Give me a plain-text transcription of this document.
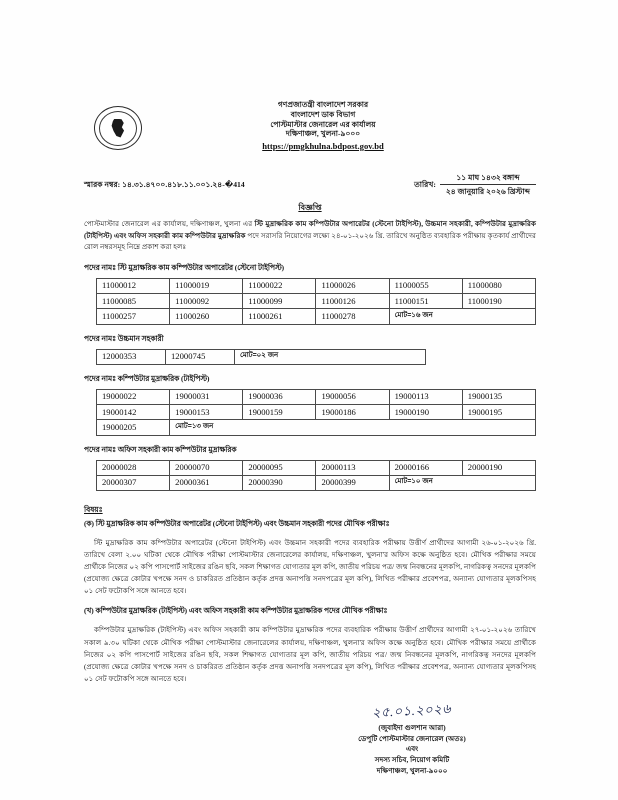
গণপ্রজাতন্ত্রী বাংলাদেশ সরকার
বাংলাদেশ ডাক বিভাগ
পোস্টমাস্টার জেনারেল এর কার্যালয়
দক্ষিণাঞ্চল, খুলনা-৯০০০
https://pmgkhulna.bdpost.gov.bd
স্মারক নম্বর: ১৪.৩১.৪৭০০.৪১৮.১১.০০১.২৪-�414	তারিখ:
১১ মাঘ ১৪৩২ বঙ্গাব্দ
২৪ জানুয়ারি ২০২৬ খ্রিস্টাব্দ
বিজ্ঞপ্তি

পোস্টমাস্টার জেনারেল এর কার্যালয়, দক্ষিণাঞ্চল, খুলনা এর স্টি মুদ্রাক্ষরিক কাম কম্পিউটার অপারেটর (স্টেনো টাইপিস্ট), উচ্চমান সহকারী, কম্পিউটার মুদ্রাক্ষরিক (টাইপিস্ট) এবং অফিস সহকারী কাম কম্পিউটার মুদ্রাক্ষরিক পদে সরাসরি নিয়োগের লক্ষ্যে ২৪-০১-২০২৬ খ্রি. তারিখে অনুষ্ঠিত ব্যবহারিক পরীক্ষায় কৃতকার্য প্রার্থীদের রোল নম্বরসমূহ নিম্নে প্রকাশ করা হলঃ

পদের নামঃ স্টি মুদ্রাক্ষরিক কাম কম্পিউটার অপারেটর (স্টেনো টাইপিস্ট)
11000012	11000019	11000022	11000026	11000055	11000080
11000085	11000092	11000099	11000126	11000151	11000190
11000257	11000260	11000261	11000278	মোট=১৬ জন	
পদের নামঃ উচ্চমান সহকারী
12000353	12000745	মোট=০২ জন
পদের নামঃ কম্পিউটার মুদ্রাক্ষরিক (টাইপিস্ট)
19000022	19000031	19000036	19000056	19000113	19000135
19000142	19000153	19000159	19000186	19000190	19000195
19000205	মোট=১৩ জন				
পদের নামঃ অফিস সহকারী কাম কম্পিউটার মুদ্রাক্ষরিক
20000028	20000070	20000095	20000113	20000166	20000190
20000307	20000361	20000390	20000399	মোট=১০ জন	
বিষয়ঃ
(ক) স্টি মুদ্রাক্ষরিক কাম কম্পিউটার অপারেটর (স্টেনো টাইপিস্ট) এবং উচ্চমান সহকারী পদের মৌখিক পরীক্ষাঃ

স্টি মুদ্রাক্ষরিক কাম কম্পিউটার অপারেটর (স্টেনো টাইপিস্ট) এবং উচ্চমান সহকারী পদের ব্যবহারিক পরীক্ষায় উত্তীর্ণ প্রার্থীদের আগামী ২৬-০১-২০২৬ খ্রি. তারিখে বেলা ২.০০ ঘটিকা থেকে মৌখিক পরীক্ষা পোস্টমাস্টার জেনারেলের কার্যালয়, দক্ষিণাঞ্চল, খুলনা'র অফিস কক্ষে অনুষ্ঠিত হবে। মৌখিক পরীক্ষার সময়ে প্রার্থীকে নিজের ০২ কপি পাসপোর্ট সাইজের রঙিন ছবি, সকল শিক্ষাগত যোগ্যতার মূল কপি, জাতীয় পরিচয় পত্র/ জন্ম নিবন্ধনের মূলকপি, নাগরিকত্ব সনদের মূলকপি (প্রযোজ্য ক্ষেত্রে কোটার খপক্ষে সনদ ও চাকরিরত প্রতিষ্ঠান কর্তৃক প্রদত্ত অনাপত্তি সনদপত্রের মূল কপি), লিখিত পরীক্ষার প্রবেশপত্র, অন্যান্য যোগ্যতার মূলকপিসহ ০১ সেট ফটোকপি সঙ্গে আনতে হবে।

(খ) কম্পিউটার মুদ্রাক্ষরিক (টাইপিস্ট) এবং অফিস সহকারী কাম কম্পিউটার মুদ্রাক্ষরিক পদের মৌখিক পরীক্ষাঃ

কম্পিউটার মুদ্রাক্ষরিক (টাইপিস্ট) এবং অফিস সহকারী কাম কম্পিউটার মুদ্রাক্ষরিক পদের ব্যবহারিক পরীক্ষায় উত্তীর্ণ প্রার্থীদের আগামী ২৭-০১-২০২৬ তারিখে সকাল ৯.৩০ ঘটিকা থেকে মৌখিক পরীক্ষা পোস্টমাস্টার জেনারেলের কার্যালয়, দক্ষিণাঞ্চল, খুলনা'র অফিস কক্ষে অনুষ্ঠিত হবে। মৌখিক পরীক্ষার সময়ে প্রার্থীকে নিজের ০২ কপি পাসপোর্ট সাইজের রঙিন ছবি, সকল শিক্ষাগত যোগ্যতার মূল কপি, জাতীয় পরিচয় পত্র/ জন্ম নিবন্ধনের মূলকপি, নাগরিকত্ব সনদের মূলকপি (প্রযোজ্য ক্ষেত্রে কোটার খপক্ষে সনদ ও চাকরিরত প্রতিষ্ঠান কর্তৃক প্রদত্ত অনাপত্তি সনদপত্রের মূল কপি), লিখিত পরীক্ষার প্রবেশপত্র, অন্যান্য যোগ্যতার মূলকপিসহ ০১ সেট ফটোকপি সঙ্গে আনতে হবে।

২৫.০১.২০২৬
(জুবাইদা গুলশান আরা)
ডেপুটি পোস্টমাস্টার জেনারেল (অতঃ)
এবং
সদস্য সচিব, নিয়োগ কমিটি
দক্ষিণাঞ্চল, খুলনা-৯০০০
